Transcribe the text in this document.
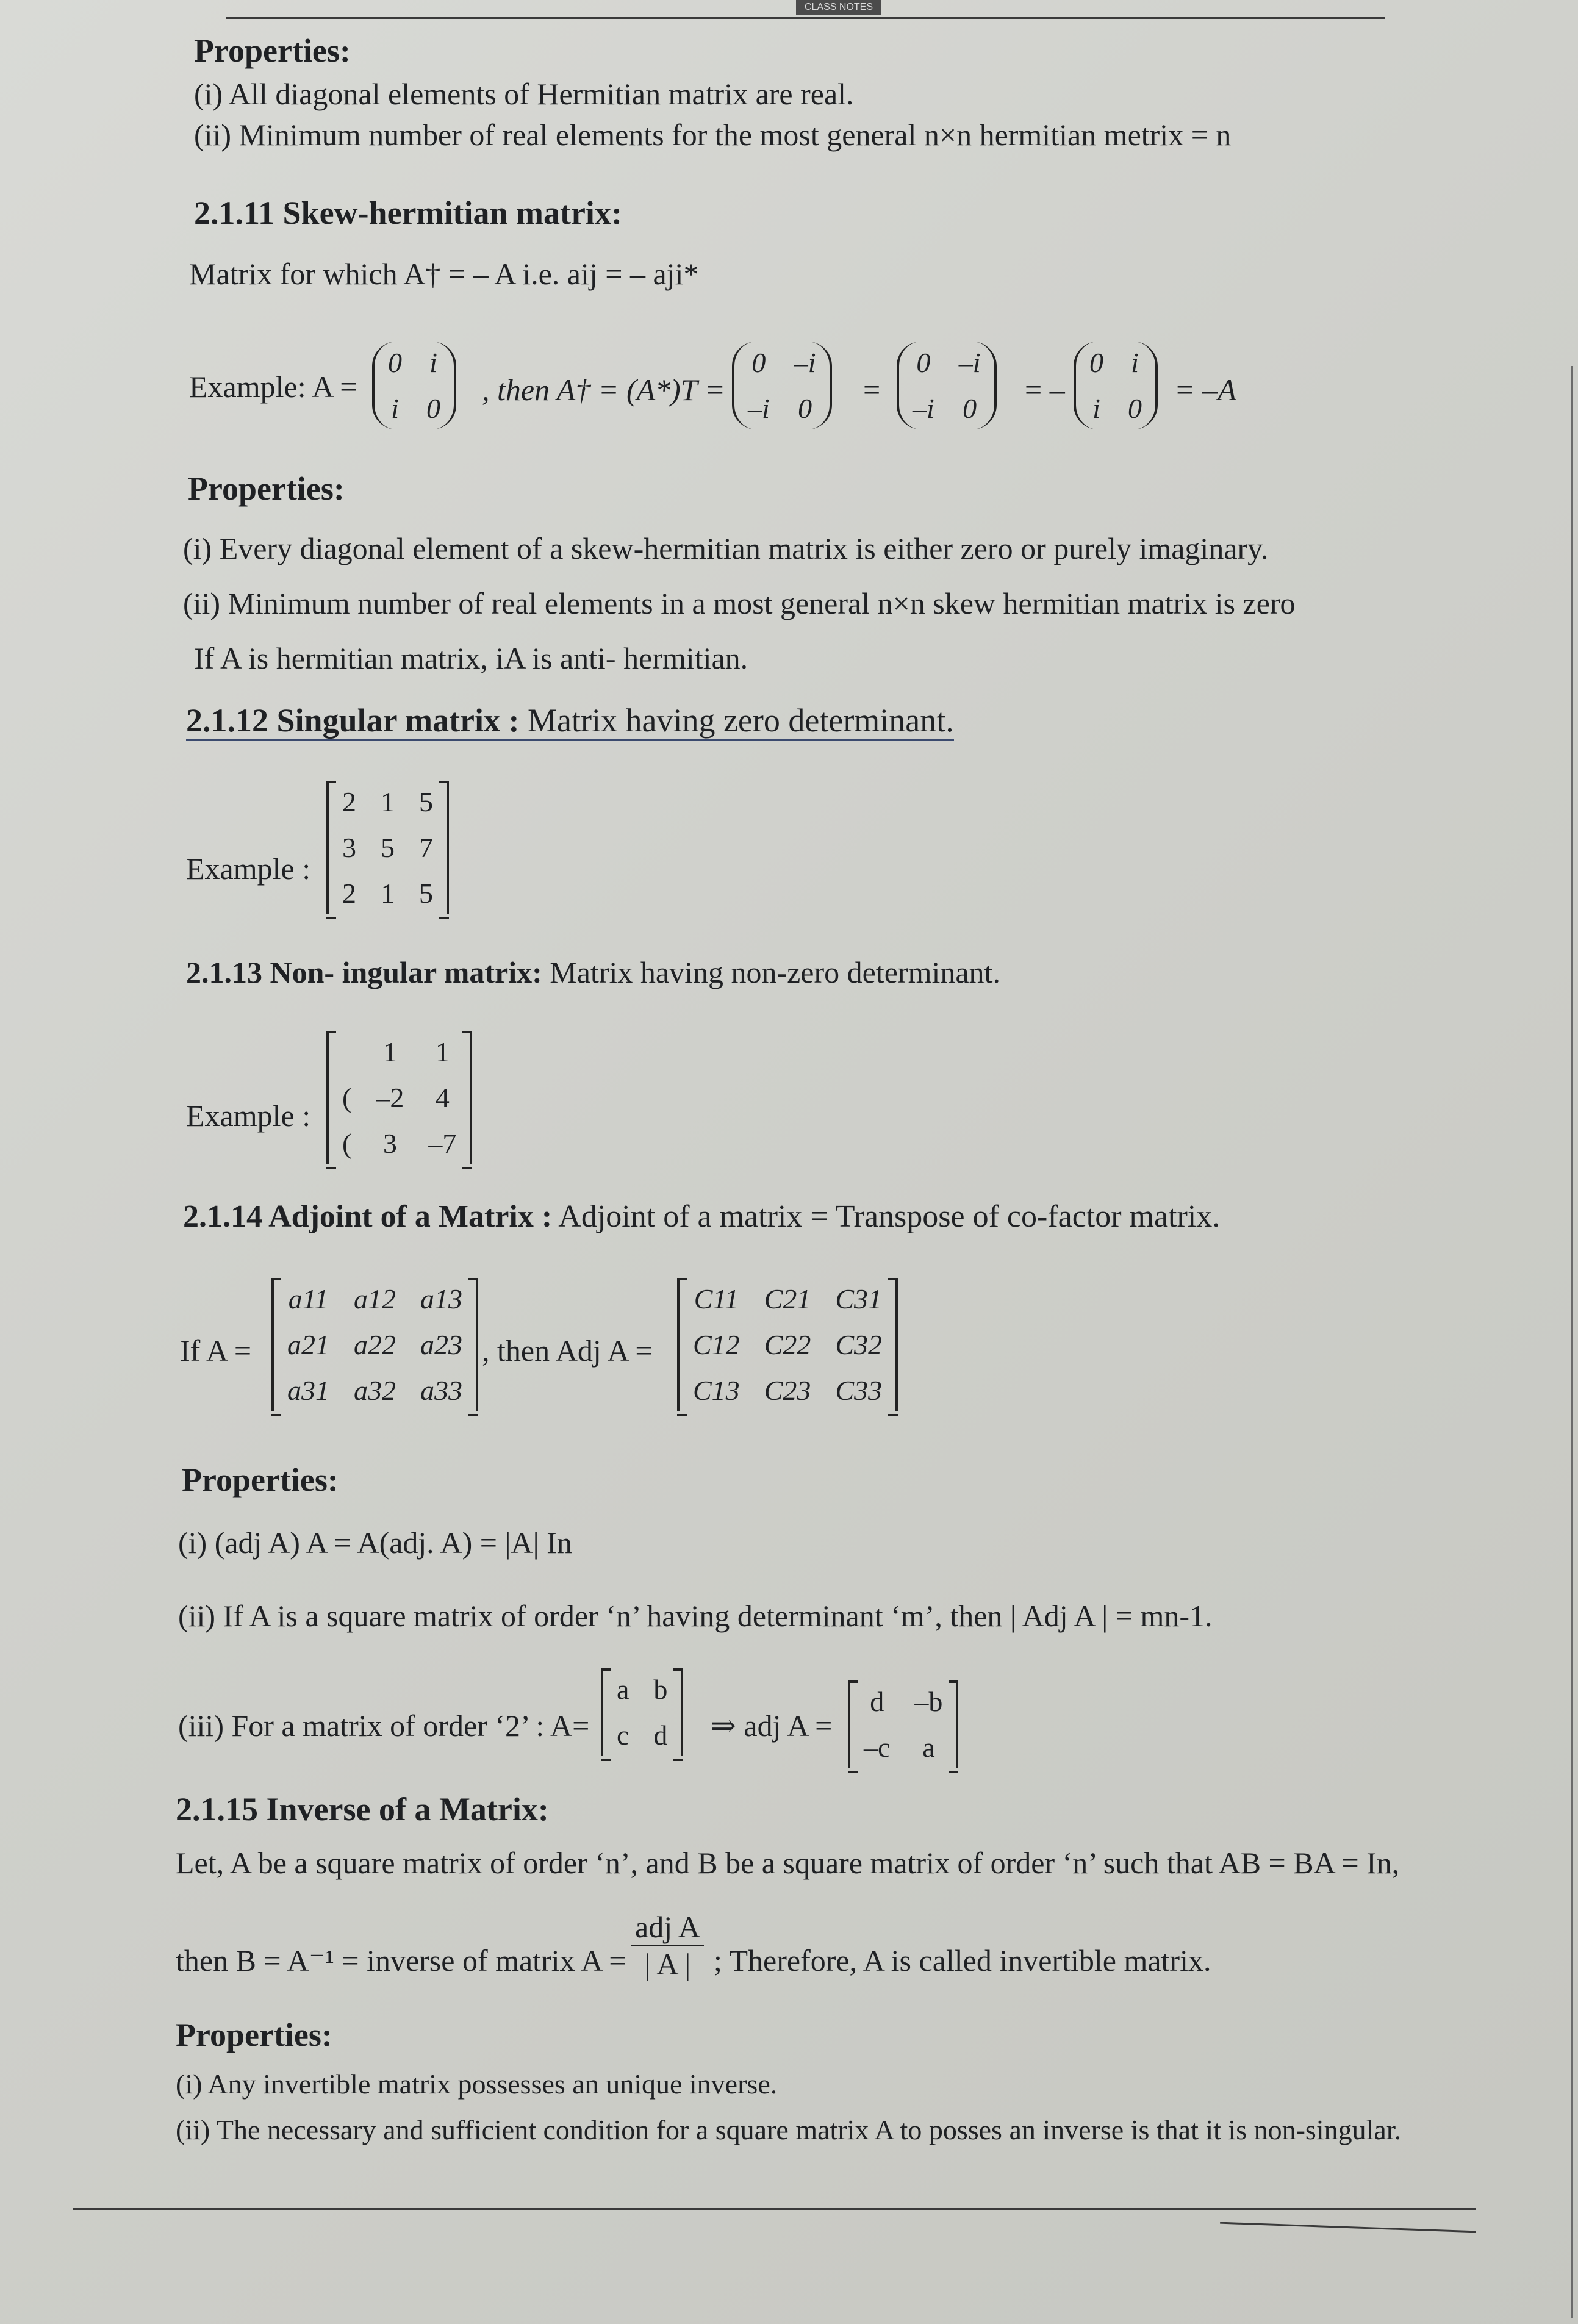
CLASS NOTES
Properties:
(i) All diagonal elements of Hermitian matrix are real.
(ii) Minimum number of real elements for the most general n×n hermitian metrix = n
2.1.11 Skew-hermitian matrix:
Matrix for which A† = – A i.e. aij = – aji*
Example: A =
0 i
i 0
, then A† = (A*)T =
0 –i
–i 0
=
0 –i
–i 0
= –
0 i
i 0
= –A
Properties:
(i) Every diagonal element of a skew-hermitian matrix is either zero or purely imaginary.
(ii) Minimum number of real elements in a most general n×n skew hermitian matrix is zero
If A is hermitian matrix, iA is anti- hermitian.
2.1.12 Singular matrix : Matrix having zero determinant.
Example :
2 1 5
3 5 7
2 1 5
2.1.13 Non- ingular matrix: Matrix having non-zero determinant.
Example :
1 1
( –2 4
( 3 –7
2.1.14 Adjoint of a Matrix : Adjoint of a matrix = Transpose of co-factor matrix.
If A =
a11 a12 a13
a21 a22 a23
a31 a32 a33
, then Adj A =
C11 C21 C31
C12 C22 C32
C13 C23 C33
Properties:
(i) (adj A) A = A(adj. A) = |A| In
(ii) If A is a square matrix of order ‘n’ having determinant ‘m’, then | Adj A | = mn-1.
(iii) For a matrix of order ‘2’ : A=
a b
c d ⇒ adj A =
d –b
–c a
2.1.15 Inverse of a Matrix:
Let, A be a square matrix of order ‘n’, and B be a square matrix of order ‘n’ such that AB = BA = In,
then B = A⁻¹ = inverse of matrix A =
adj A
| A | ; Therefore, A is called invertible matrix.
Properties:
(i) Any invertible matrix possesses an unique inverse.
(ii) The necessary and sufficient condition for a square matrix A to posses an inverse is that it is non-singular.
